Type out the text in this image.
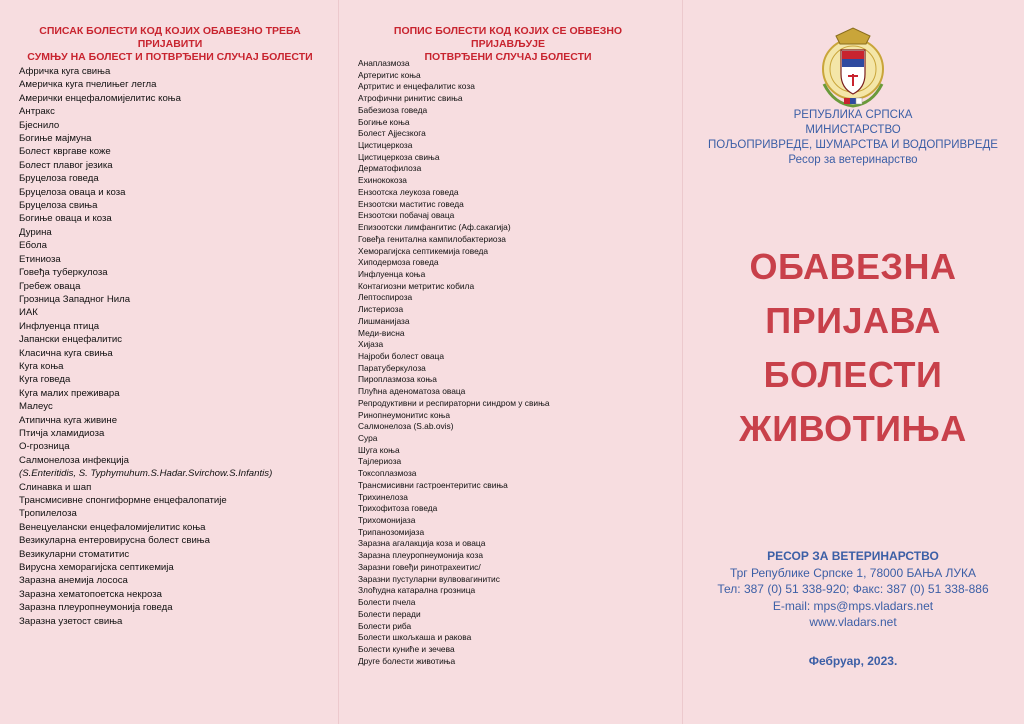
СПИСАК БОЛЕСТИ КОД КОЈИХ ОБАВЕЗНО ТРЕБА ПРИЈАВИТИ
СУМЊУ НА БОЛЕСТ И ПОТВРЂЕНИ СЛУЧАЈ БОЛЕСТИ
Афричка куга свиња
Америчка куга пчелињег легла
Амерички енцефаломијелитис коња
Антракс
Бјеснило
Богиње мајмуна
Болест квргаве коже
Болест плавог језика
Бруцелоза говеда
Бруцелоза оваца и коза
Бруцелоза свиња
Богиње оваца и коза
Дурина
Ебола
Етиниоза
Говеђа туберкулоза
Гребеж оваца
Грозница Западног Нила
ИАК
Инфлуенца птица
Јапански енцефалитис
Класична куга свиња
Куга коња
Куга говеда
Куга малих преживара
Малеус
Атипична куга живине
Птичја хламидиоза
О-грозница
Салмонелоза инфекција
(S.Enteritidis, S. Typhymuhum.S.Hadar.Svirchow.S.Infantis)
Слинавка и шап
Трансмисивне спонгиформне енцефалопатије
Тропилелоза
Венецуелански енцефаломијелитис коња
Везикуларна ентеровирусна болест свиња
Везикуларни стоматитис
Вирусна хеморагијска септикемија
Заразна анемија лососа
Заразна хематопоетска некроза
Заразна плеуропнеумонија говеда
Заразна узетост свиња
ПОПИС БОЛЕСТИ КОД КОЈИХ СЕ ОБВЕЗНО ПРИЈАВЉУЈЕ
ПОТВРЂЕНИ СЛУЧАЈ БОЛЕСТИ
Анаплазмоза
Артеритис коња
Артритис и енцефалитис коза
Атрофични ринитис свиња
Бабезиоза говеда
Богиње коња
Болест Ајјесзкога
Цистицеркоза
Цистицеркоза свиња
Дерматофилоза
Ехинококоза
Ензоотска леукоза говеда
Ензоотски маститис говеда
Ензоотски побачај оваца
Епизоотски лимфангитис (Аф.сакагија)
Говеђа генитална кампилобактериоза
Хеморагијска септикемија говеда
Хиподермоза говеда
Инфлуенца коња
Контагиозни метритис кобила
Лептоспироза
Листериоза
Лишманијаза
Меди-висна
Хијаза
Најроби болест оваца
Паратуберкулоза
Пироплазмоза коња
Плућна аденоматоза оваца
Репродуктивни и респираторни синдром у свиња
Ринопнеумонитис коња
Салмонелоза (S.ab.ovis)
Сура
Шуга коња
Тајлериоза
Токсоплазмоза
Трансмисивни гастроентеритис свиња
Трихинелоза
Трихофитоза говеда
Трихомонијаза
Трипанозомијаза
Заразна агалакција коза и оваца
Заразна плеуропнеумонија коза
Заразни говеђи ринотрахеитис/
Заразни пустуларни вулвовагинитис
Злоћудна катарална грозница
Болести пчела
Болести перади
Болести риба
Болести шкољкаша и ракова
Болести куниће и зечева
Друге болести животиња
РЕПУБЛИКА СРПСКА
МИНИСТАРСТВО
ПОЉОПРИВРЕДЕ, ШУМАРСТВА И ВОДОПРИВРЕДЕ
Ресор за ветеринарство
ОБАВЕЗНА
ПРИЈАВА
БОЛЕСТИ
ЖИВОТИЊА
РЕСОР ЗА ВЕТЕРИНАРСТВО
Трг Републике Српске 1, 78000 БАЊА ЛУКА
Тел: 387 (0) 51 338-920; Факс: 387 (0) 51 338-886
E-mail: mps@mps.vladars.net
www.vladars.net
Фебруар, 2023.
